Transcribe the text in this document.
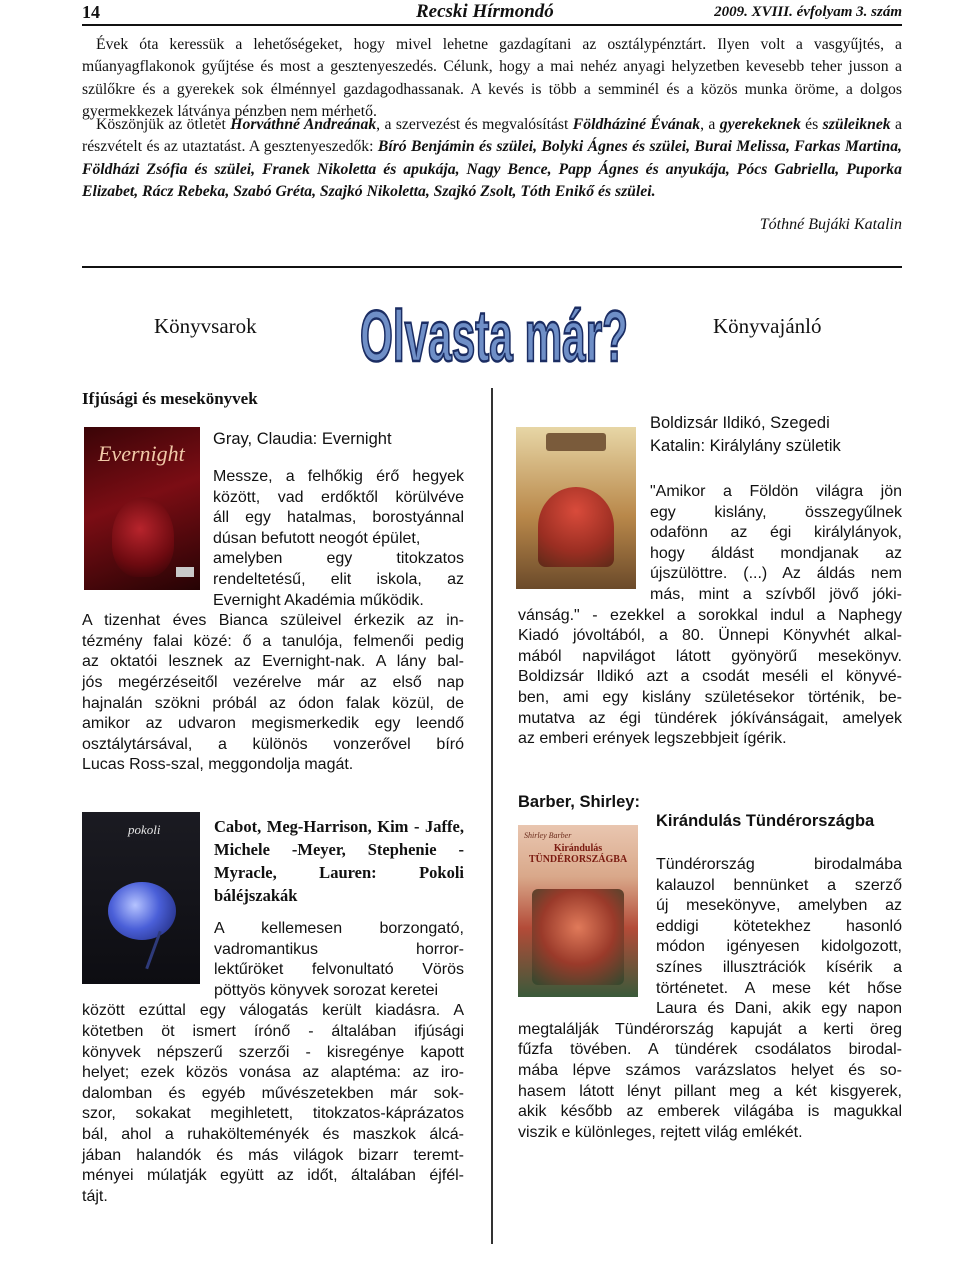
14	Recski Hírmondó	2009. XVIII. évfolyam 3. szám

Évek óta keressük a lehetőségeket, hogy mivel lehetne gazdagítani az osztálypénztárt. Ilyen volt a vasgyűjtés, a műanyagflakonok gyűjtése és most a gesztenyeszedés. Célunk, hogy a mai nehéz anyagi helyzetben kevesebb teher jusson a szülőkre és a gyerekek sok élménnyel gazdagodhassanak. A kevés is több a semminél és a közös munka öröme, a dolgos gyermekkezek látványa pénzben nem mérhető.

Köszönjük az ötletet Horváthné Andreának, a szervezést és megvalósítást Földháziné Évának, a gyerekeknek és szüleiknek a részvételt és az utaztatást. A gesztenyeszedők: Bíró Benjámin és szülei, Bolyki Ágnes és szülei, Burai Melissa, Farkas Martina, Földházi Zsófia és szülei, Franek Nikoletta és apukája, Nagy Bence, Papp Ágnes és anyukája, Pócs Gabriella, Puporka Elizabet, Rácz Rebeka, Szabó Gréta, Szajkó Nikoletta, Szajkó Zsolt, Tóth Enikő és szülei.

Tóthné Bujáki Katalin
Könyvsarok	Könyvajánló
Olvasta már?
Ifjúsági és mesekönyvek
Evernight
pokoli	Shirley Barber
Kirándulás TÜNDÉRORSZÁGBA
Gray, Claudia: Evernight
Messze, a felhőkig érő hegyek
között, vad erdőktől körülvéve
áll egy hatalmas, borostyánnal
dúsan befutott neogót épület,
amelyben egy titokzatos
rendeltetésű, elit iskola, az
Evernight Akadémia működik.
A tizenhat éves Bianca szüleivel érkezik az in-
tézmény falai közé: ő a tanulója, felmenői pedig
az oktatói lesznek az Evernight-nak. A lány bal-
jós megérzéseitől vezérelve már az első nap
hajnalán szökni próbál az ódon falak közül, de
amikor az udvaron megismerkedik egy leendő
osztálytársával, a különös vonzerővel bíró
Lucas Ross-szal, meggondolja magát.
Cabot, Meg-Harrison, Kim - Jaffe, Michele -Meyer, Stephenie -Myracle, Lauren: Pokoli báléjszakák
A kellemesen borzongató,
vadromantikus horror-
lektűröket felvonultató Vörös
pöttyös könyvek sorozat keretei
között ezúttal egy válogatás került kiadásra. A
kötetben öt ismert írónő - általában ifjúsági
könyvek népszerű szerzői - kisregénye kapott
helyet; ezek közös vonása az alaptéma: az iro-
dalomban és egyéb művészetekben már sok-
szor, sokakat megihletett, titokzatos-káprázatos
bál, ahol a ruhakölteményék és maszkok álcá-
jában halandók és más világok bizarr teremt-
ményei múlatják együtt az időt, általában éjfél-
tájt.
Boldizsár Ildikó, Szegedi
Katalin: Királylány születik
"Amikor a Földön világra jön
egy kislány, összegyűlnek
odafönn az égi királylányok,
hogy áldást mondjanak az
újszülöttre. (...) Az áldás nem
más, mint a szívből jövő jóki-
vánság." - ezekkel a sorokkal indul a Naphegy
Kiadó jóvoltából, a 80. Ünnepi Könyvhét alkal-
mából napvilágot látott gyönyörű mesekönyv.
Boldizsár Ildikó azt a csodát meséli el könyvé-
ben, ami egy kislány születésekor történik, be-
mutatva az égi tündérek jókívánságait, amelyek
az emberi erények legszebbjeit ígérik.
Barber, Shirley:
Kirándulás Tündérországba
Tündérország birodalmába
kalauzol bennünket a szerző
új mesekönyve, amelyben az
eddigi kötetekhez hasonló
módon igényesen kidolgozott,
színes illusztrációk kísérik a
történetet. A mese két hőse
Laura és Dani, akik egy napon
megtalálják Tündérország kapuját a kerti öreg
fűzfa tövében. A tündérek csodálatos birodal-
mába lépve számos varázslatos helyet és so-
hasem látott lényt pillant meg a két kisgyerek,
akik később az emberek világába is magukkal
viszik e különleges, rejtett világ emlékét.
